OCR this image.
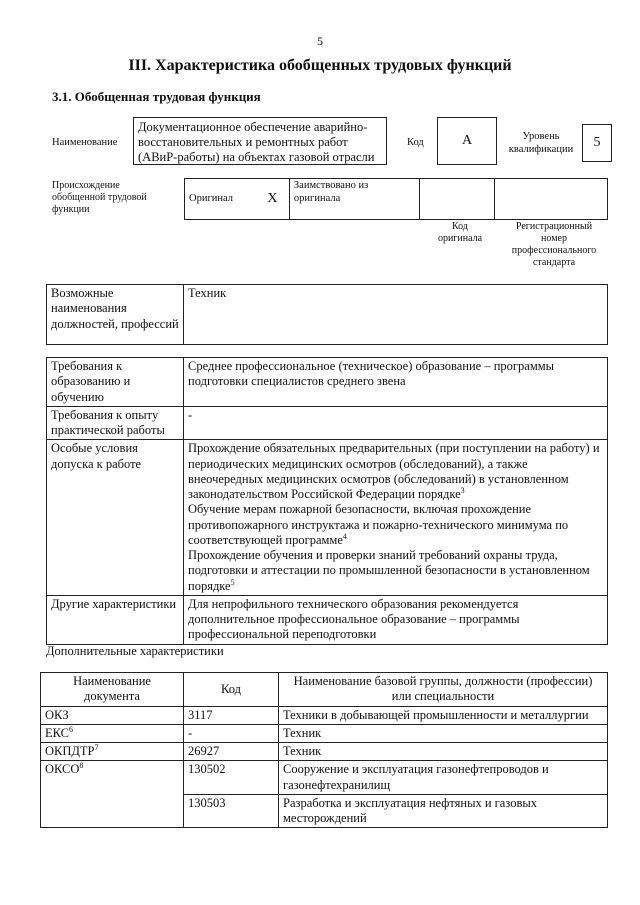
5
III. Характеристика обобщенных трудовых функций
3.1. Обобщенная трудовая функция
Наименование
Документационное обеспечение аварийно-восстановительных и ремонтных работ (АВиР-работы) на объектах газовой отрасли
Код	А	Уровень квалификации	5
Происхождение обобщенной трудовой функции
Оригинал	X	Заимствовано из оригинала		
Код оригинала
Регистрационный номер профессионального стандарта
Возможные наименования должностей, профессий	Техник
Требования к образованию и обучению	Среднее профессиональное (техническое) образование – программы подготовки специалистов среднего звена
Требования к опыту практической работы	-
Особые условия допуска к работе	Прохождение обязательных предварительных (при поступлении на работу) и периодических медицинских осмотров (обследований), а также внеочередных медицинских осмотров (обследований) в установленном законодательством Российской Федерации порядке$^3$
Обучение мерам пожарной безопасности, включая прохождение противопожарного инструктажа и пожарно-технического минимума по соответствующей программе$^4$
Прохождение обучения и проверки знаний требований охраны труда, подготовки и аттестации по промышленной безопасности в установленном порядке$^5$
Другие характеристики	Для непрофильного технического образования рекомендуется дополнительное профессиональное образование – программы профессиональной переподготовки
Дополнительные характеристики
Наименование документа	Код	Наименование базовой группы, должности (профессии) или специальности
ОКЗ	3117	Техники в добывающей промышленности и металлургии
ЕКС$^6$	-	Техник
ОКПДТР$^7$	26927	Техник
ОКСО$^8$	130502	Сооружение и эксплуатация газонефтепроводов и газонефтехранилищ
	130503	Разработка и эксплуатация нефтяных и газовых месторождений
